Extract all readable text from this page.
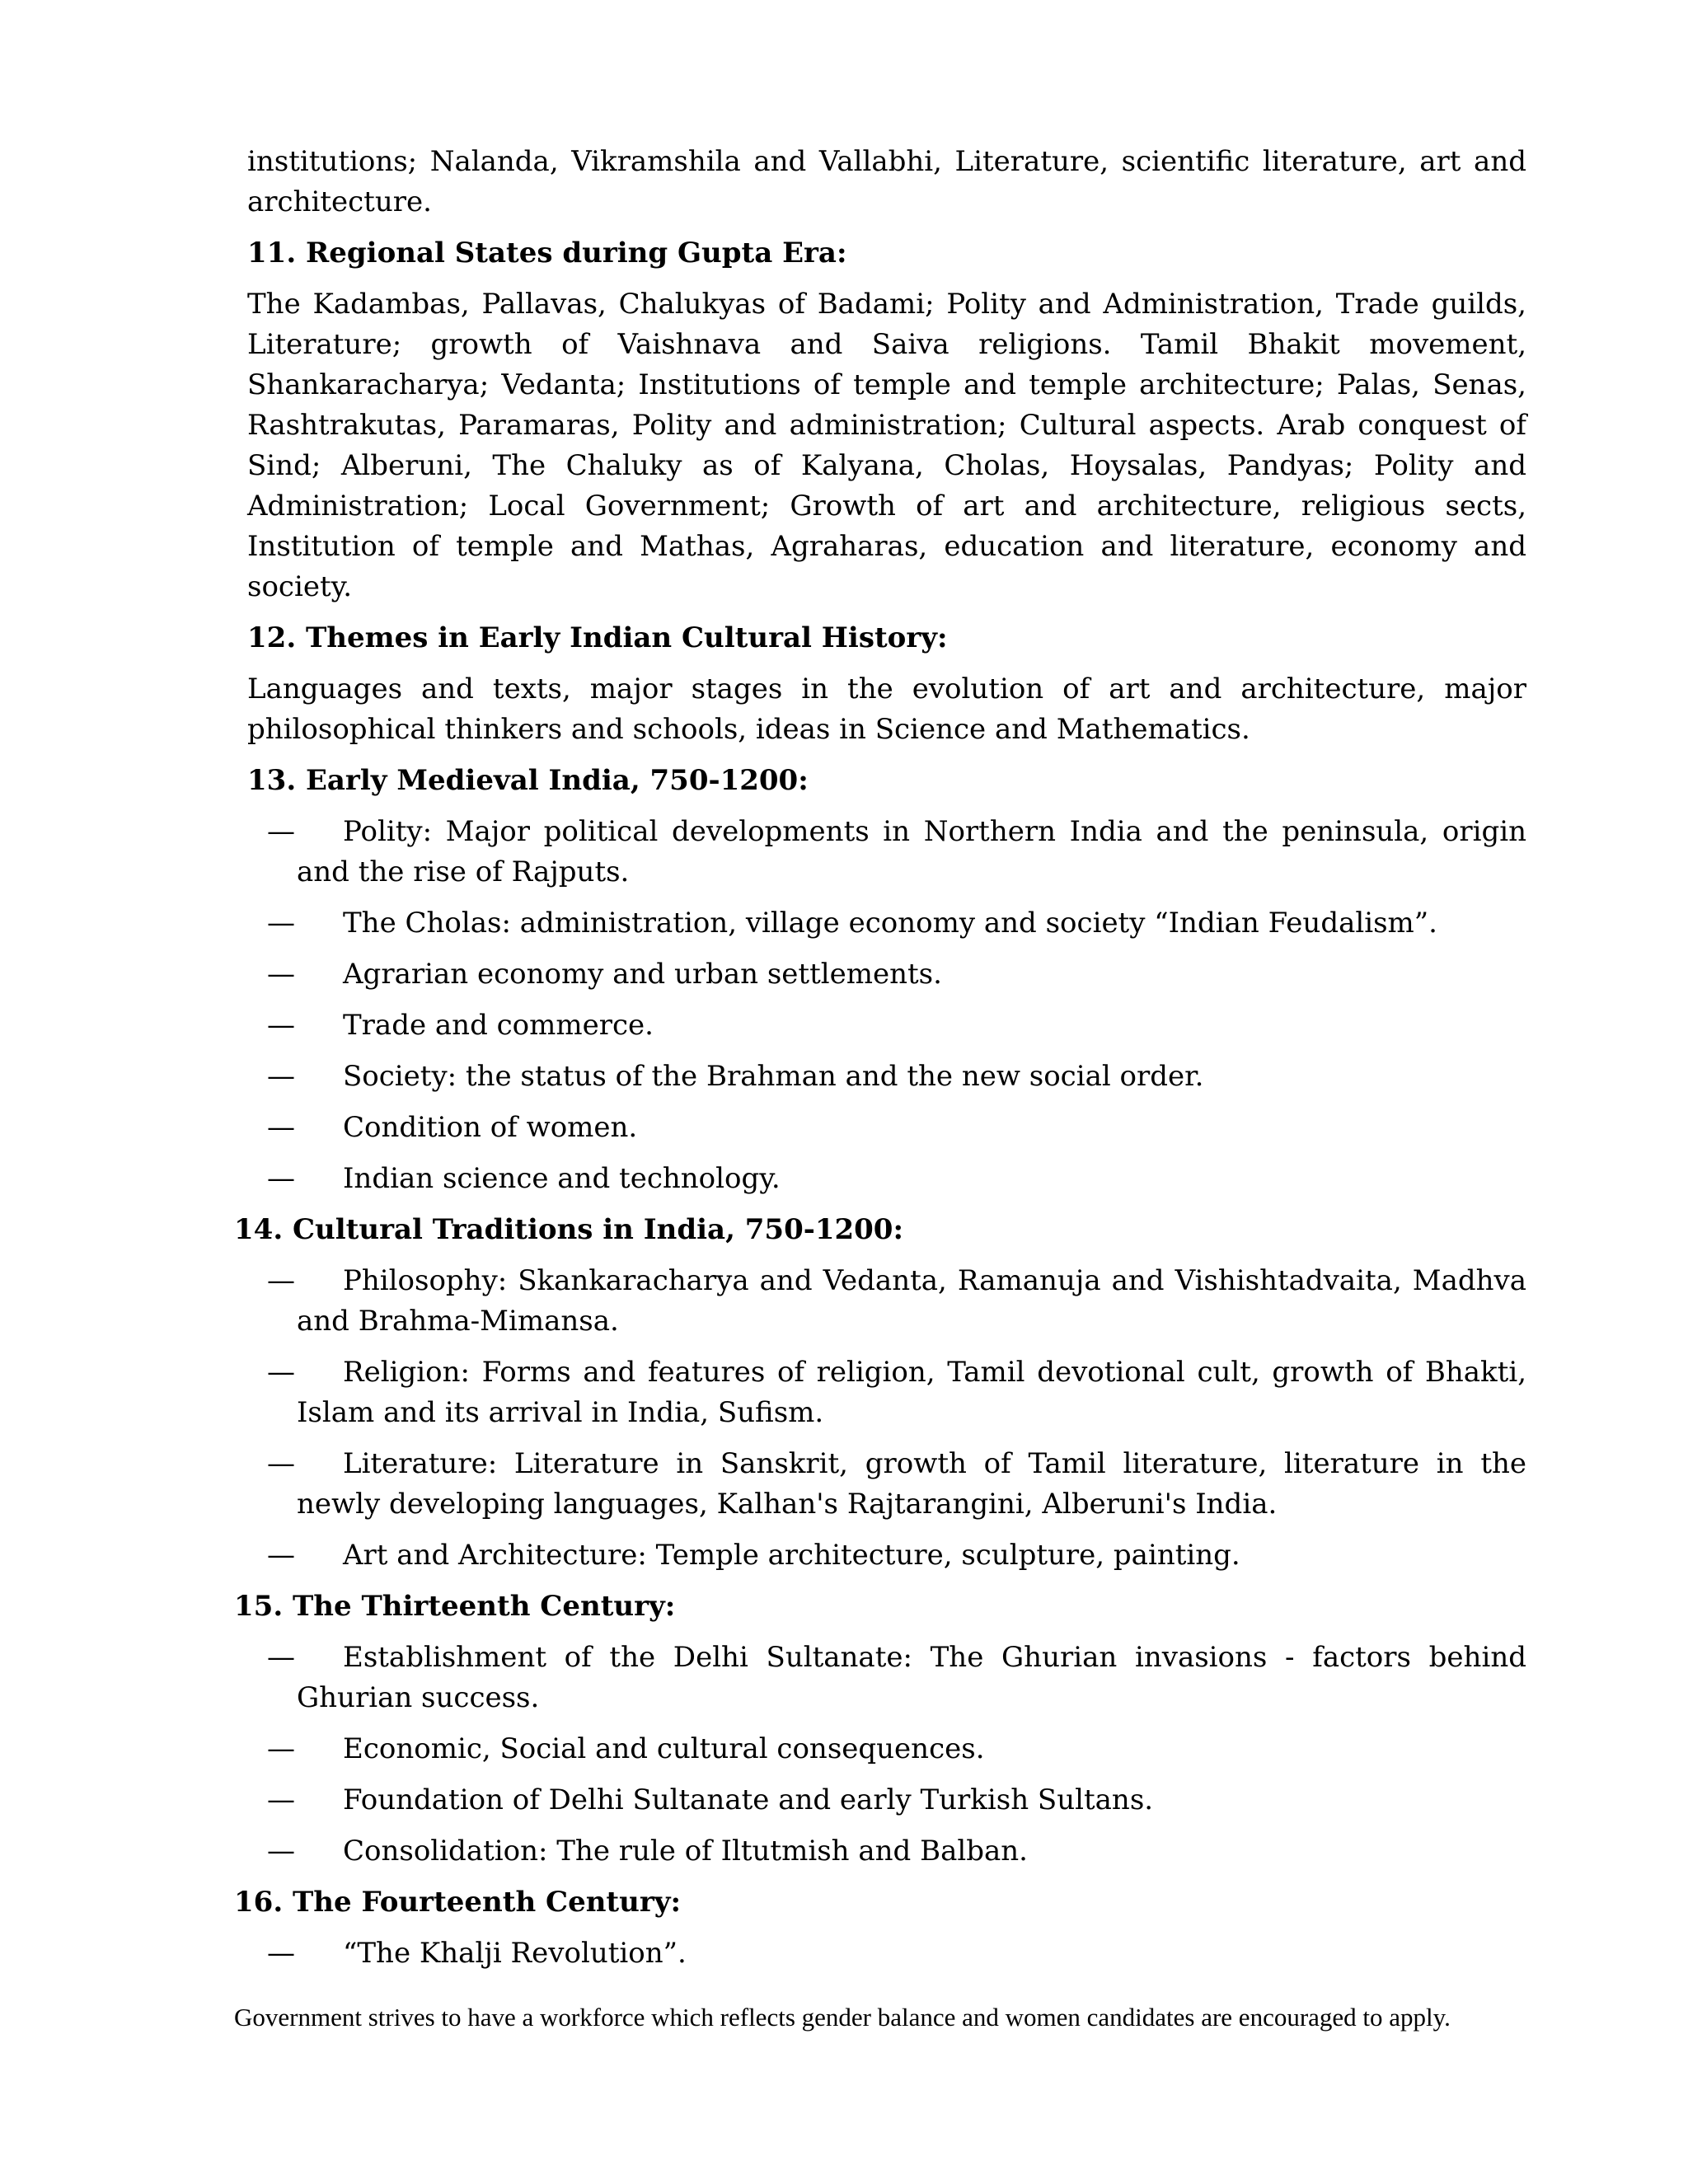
institutions; Nalanda, Vikramshila and Vallabhi, Literature, scientific literature, art and architecture.

11. Regional States during Gupta Era:

The Kadambas, Pallavas, Chalukyas of Badami; Polity and Administration, Trade guilds, Literature; growth of Vaishnava and Saiva religions. Tamil Bhakit movement, Shankaracharya; Vedanta; Institutions of temple and temple architecture; Palas, Senas, Rashtrakutas, Paramaras, Polity and administration; Cultural aspects. Arab conquest of Sind; Alberuni, The Chaluky as of Kalyana, Cholas, Hoysalas, Pandyas; Polity and Administration; Local Government; Growth of art and architecture, religious sects, Institution of temple and Mathas, Agraharas, education and literature, economy and society.

12. Themes in Early Indian Cultural History:

Languages and texts, major stages in the evolution of art and architecture, major philosophical thinkers and schools, ideas in Science and Mathematics.

13. Early Medieval India, 750-1200:
— Polity: Major political developments in Northern India and the peninsula, origin and the rise of Rajputs.
— The Cholas: administration, village economy and society “Indian Feudalism”.
— Agrarian economy and urban settlements.
— Trade and commerce.
— Society: the status of the Brahman and the new social order.
— Condition of women.
— Indian science and technology.
14. Cultural Traditions in India, 750-1200:
— Philosophy: Skankaracharya and Vedanta, Ramanuja and Vishishtadvaita, Madhva and Brahma-Mimansa.
— Religion: Forms and features of religion, Tamil devotional cult, growth of Bhakti, Islam and its arrival in India, Sufism.
— Literature: Literature in Sanskrit, growth of Tamil literature, literature in the newly developing languages, Kalhan's Rajtarangini, Alberuni's India.
— Art and Architecture: Temple architecture, sculpture, painting.
15. The Thirteenth Century:
— Establishment of the Delhi Sultanate: The Ghurian invasions - factors behind Ghurian success.
— Economic, Social and cultural consequences.
— Foundation of Delhi Sultanate and early Turkish Sultans.
— Consolidation: The rule of Iltutmish and Balban.
16. The Fourteenth Century:
— “The Khalji Revolution”.
Government strives to have a workforce which reflects gender balance and women candidates are encouraged to apply.
